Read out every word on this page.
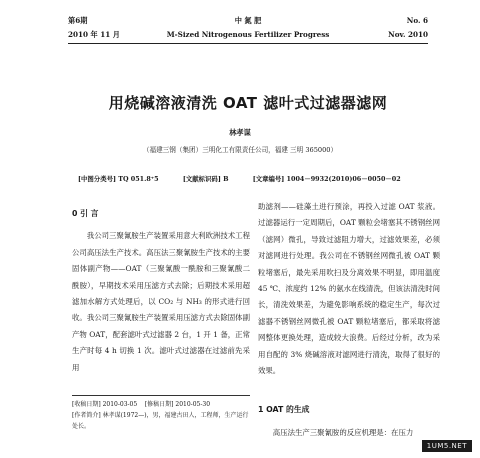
第6期	中 氮 肥	No. 6
2010 年 11 月	M-Sized Nitrogenous Fertilizer Progress	Nov. 2010
用烧碱溶液清洗 OAT 滤叶式过滤器滤网
林孝谋
（福建三钢（集团）三明化工有限责任公司，福建 三明 365000）
[中图分类号] TQ 051.8⁺5	[文献标识码] B	[文章编号] 1004－9932(2010)06－0050－02
0 引 言

我公司三聚氰胺生产装置采用意大利欧洲技术工程公司高压法生产技术。高压法三聚氰胺生产技术的主要固体副产物——OAT（三聚氰酸一酰胺和三聚氰酸二酰胺），早期技术采用压滤方式去除；后期技术采用超滤加水解方式处理后，以 CO₂ 与 NH₃ 的形式进行回收。我公司三聚氰胺生产装置采用压滤方式去除固体副产物 OAT，配套滤叶式过滤器 2 台，1 开 1 备，正常生产时每 4 h 切换 1 次。滤叶式过滤器在过滤前先采用

助滤剂——硅藻土进行预涂，再投入过滤 OAT 浆液。过滤器运行一定周期后，OAT 颗粒会堵塞其不锈钢丝网（滤网）微孔，导致过滤阻力增大，过滤效果差，必须对滤网进行处理。我公司在不锈钢丝网微孔被 OAT 颗粒堵塞后，最先采用吹扫及分离效果不明显，即用温度 45 ℃、浓度约 12% 的氨水在线清洗，但该法清洗时间长，清洗效果差，为避免影响系统的稳定生产，每次过滤器不锈钢丝网微孔被 OAT 颗粒堵塞后，都采取将滤网整体更换处理，造成较大浪费。后经过分析，改为采用自配的 3% 烧碱溶液对滤网进行清洗，取得了很好的效果。

[收稿日期] 2010-03-05 [修稿日期] 2010-05-30

[作者简介] 林孝谋(1972—)，男，福建古田人，工程师，生产运行处长。

1 OAT 的生成
高压法生产三聚氰胺的反应机理是：在压力
1UM5.NET
